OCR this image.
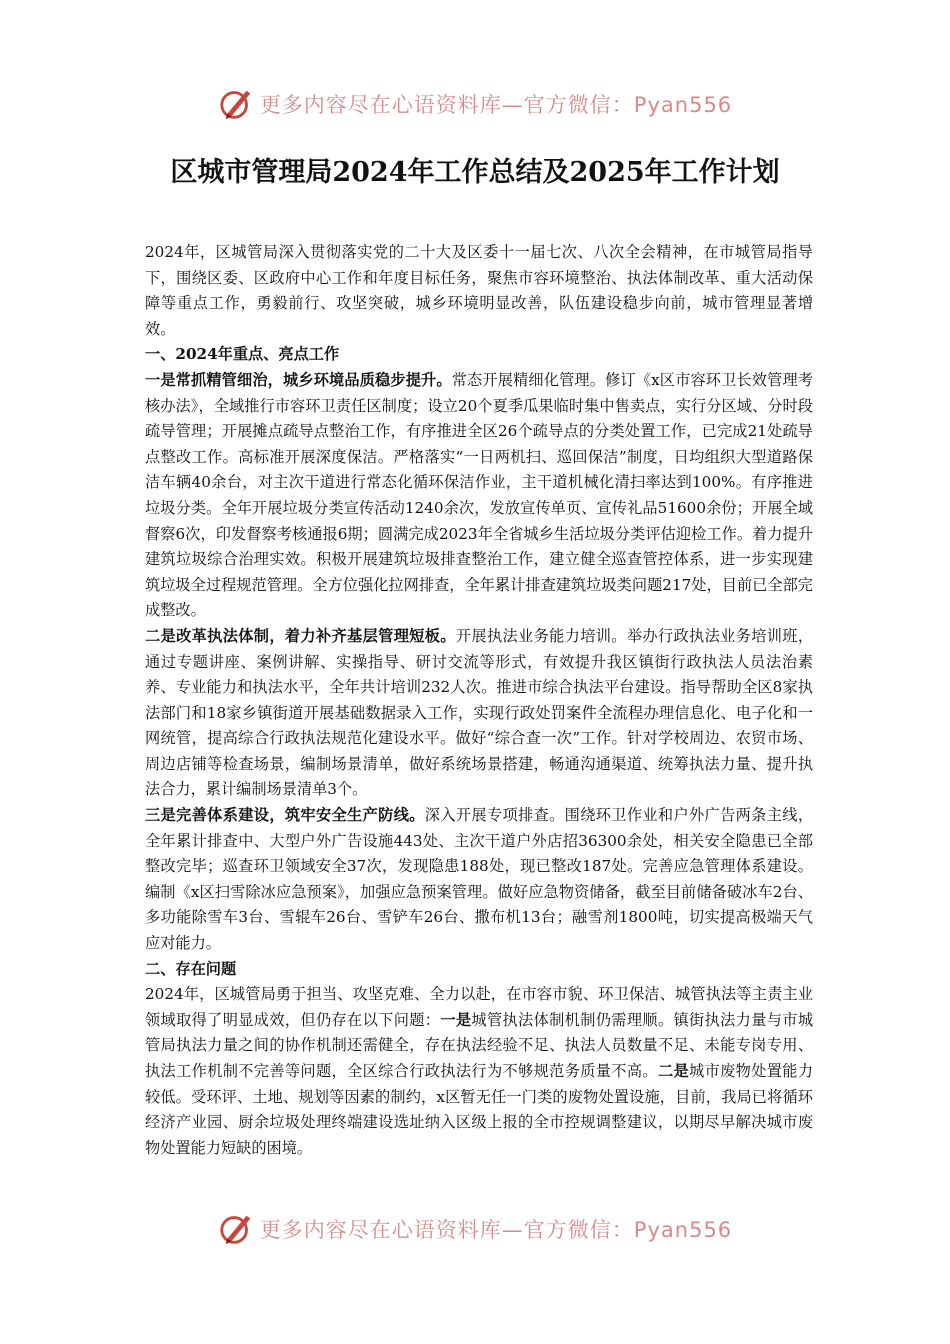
更多内容尽在心语资料库—官方微信：Pyan556
区城市管理局2024年工作总结及2025年工作计划

2024年，区城管局深入贯彻落实党的二十大及区委十一届七次、八次全会精神，在市城管局指导下，围绕区委、区政府中心工作和年度目标任务，聚焦市容环境整治、执法体制改革、重大活动保障等重点工作，勇毅前行、攻坚突破，城乡环境明显改善，队伍建设稳步向前，城市管理显著增效。

一、2024年重点、亮点工作

一是常抓精管细治，城乡环境品质稳步提升。常态开展精细化管理。修订《x区市容环卫长效管理考核办法》，全域推行市容环卫责任区制度；设立20个夏季瓜果临时集中售卖点，实行分区域、分时段疏导管理；开展摊点疏导点整治工作，有序推进全区26个疏导点的分类处置工作，已完成21处疏导点整改工作。高标准开展深度保洁。严格落实“一日两机扫、巡回保洁”制度，日均组织大型道路保洁车辆40余台，对主次干道进行常态化循环保洁作业，主干道机械化清扫率达到100%。有序推进垃圾分类。全年开展垃圾分类宣传活动1240余次，发放宣传单页、宣传礼品51600余份；开展全域督察6次，印发督察考核通报6期；圆满完成2023年全省城乡生活垃圾分类评估迎检工作。着力提升建筑垃圾综合治理实效。积极开展建筑垃圾排查整治工作，建立健全巡查管控体系，进一步实现建筑垃圾全过程规范管理。全方位强化拉网排查，全年累计排查建筑垃圾类问题217处，目前已全部完成整改。

二是改革执法体制，着力补齐基层管理短板。开展执法业务能力培训。举办行政执法业务培训班，通过专题讲座、案例讲解、实操指导、研讨交流等形式，有效提升我区镇街行政执法人员法治素养、专业能力和执法水平，全年共计培训232人次。推进市综合执法平台建设。指导帮助全区8家执法部门和18家乡镇街道开展基础数据录入工作，实现行政处罚案件全流程办理信息化、电子化和一网统管，提高综合行政执法规范化建设水平。做好“综合查一次”工作。针对学校周边、农贸市场、周边店铺等检查场景，编制场景清单，做好系统场景搭建，畅通沟通渠道、统筹执法力量、提升执法合力，累计编制场景清单3个。

三是完善体系建设，筑牢安全生产防线。深入开展专项排查。围绕环卫作业和户外广告两条主线，全年累计排查中、大型户外广告设施443处、主次干道户外店招36300余处，相关安全隐患已全部整改完毕；巡查环卫领域安全37次，发现隐患188处，现已整改187处。完善应急管理体系建设。编制《x区扫雪除冰应急预案》，加强应急预案管理。做好应急物资储备，截至目前储备破冰车2台、多功能除雪车3台、雪辊车26台、雪铲车26台、撒布机13台；融雪剂1800吨，切实提高极端天气应对能力。

二、存在问题

2024年，区城管局勇于担当、攻坚克难、全力以赴，在市容市貌、环卫保洁、城管执法等主责主业领域取得了明显成效，但仍存在以下问题：一是城管执法体制机制仍需理顺。镇街执法力量与市城管局执法力量之间的协作机制还需健全，存在执法经验不足、执法人员数量不足、未能专岗专用、执法工作机制不完善等问题，全区综合行政执法行为不够规范务质量不高。二是城市废物处置能力较低。受环评、土地、规划等因素的制约，x区暂无任一门类的废物处置设施，目前，我局已将循环经济产业园、厨余垃圾处理终端建设选址纳入区级上报的全市控规调整建议，以期尽早解决城市废物处置能力短缺的困境。

更多内容尽在心语资料库—官方微信：Pyan556
